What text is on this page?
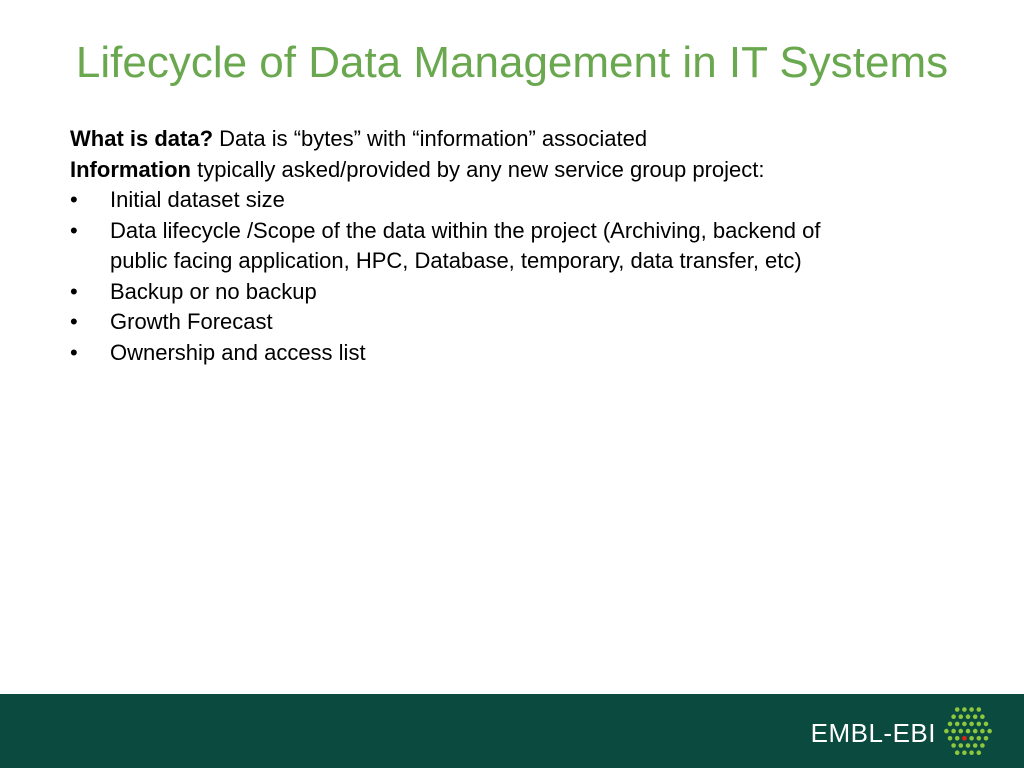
Lifecycle of Data Management in IT Systems

What is data? Data is “bytes” with “information” associated

Information typically asked/provided by any new service group project:

•	Initial dataset size
•	Data lifecycle /Scope of the data within the project (Archiving, backend of
public facing application, HPC, Database, temporary, data transfer, etc)
•	Backup or no backup
•	Growth Forecast
•	Ownership and access list
EMBL-EBI
